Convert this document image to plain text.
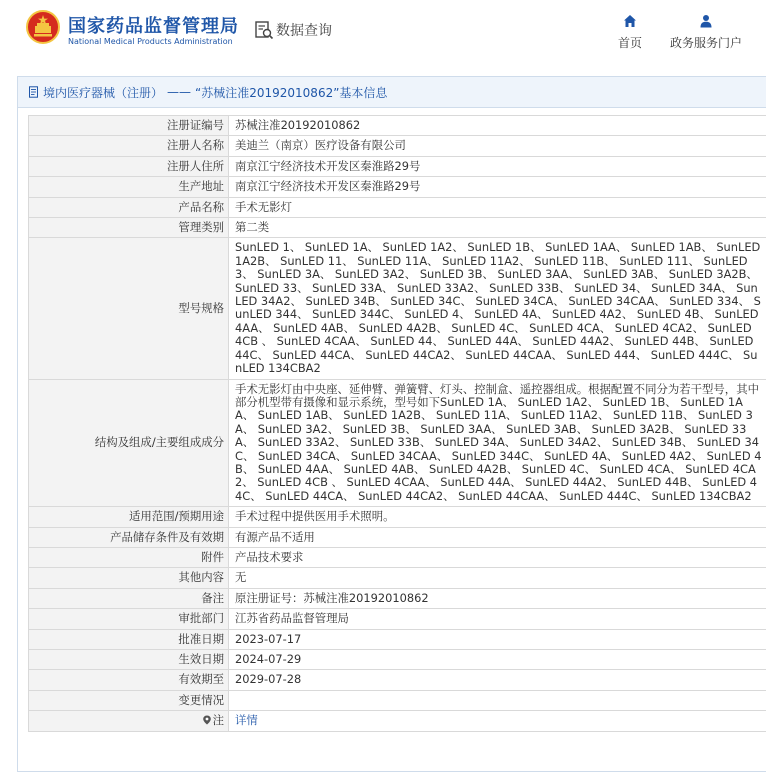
国家药品监督管理局
National Medical Products Administration
数据查询
首页 政务服务门户
境内医疗器械（注册） —— “苏械注准20192010862”基本信息
注册证编号	苏械注准20192010862
注册人名称	美迪兰（南京）医疗设备有限公司
注册人住所	南京江宁经济技术开发区秦淮路29号
生产地址	南京江宁经济技术开发区秦淮路29号
产品名称	手术无影灯
管理类别	第二类
型号规格	SunLED 1、 SunLED 1A、 SunLED 1A2、 SunLED 1B、 SunLED 1AA、 SunLED 1AB、 SunLED 1A2B、 SunLED 11、 SunLED 11A、 SunLED 11A2、 SunLED 11B、 SunLED 111、 SunLED 3、 SunLED 3A、 SunLED 3A2、 SunLED 3B、 SunLED 3AA、 SunLED 3AB、 SunLED 3A2B、 SunLED 33、 SunLED 33A、 SunLED 33A2、 SunLED 33B、 SunLED 34、 SunLED 34A、 SunLED 34A2、 SunLED 34B、 SunLED 34C、 SunLED 34CA、 SunLED 34CAA、 SunLED 334、 SunLED 344、 SunLED 344C、 SunLED 4、 SunLED 4A、 SunLED 4A2、 SunLED 4B、 SunLED 4AA、 SunLED 4AB、 SunLED 4A2B、 SunLED 4C、 SunLED 4CA、 SunLED 4CA2、 SunLED 4CB 、 SunLED 4CAA、 SunLED 44、 SunLED 44A、 SunLED 44A2、 SunLED 44B、 SunLED 44C、 SunLED 44CA、 SunLED 44CA2、 SunLED 44CAA、 SunLED 444、 SunLED 444C、 SunLED 134CBA2
结构及组成/主要组成成分	手术无影灯由中央座、延伸臂、弹簧臂、灯头、控制盒、遥控器组成。根据配置不同分为若干型号，其中部分机型带有摄像和显示系统，型号如下SunLED 1A、 SunLED 1A2、 SunLED 1B、 SunLED 1AA、 SunLED 1AB、 SunLED 1A2B、 SunLED 11A、 SunLED 11A2、 SunLED 11B、 SunLED 3A、 SunLED 3A2、 SunLED 3B、 SunLED 3AA、 SunLED 3AB、 SunLED 3A2B、 SunLED 33A、 SunLED 33A2、 SunLED 33B、 SunLED 34A、 SunLED 34A2、 SunLED 34B、 SunLED 34C、 SunLED 34CA、 SunLED 34CAA、 SunLED 344C、 SunLED 4A、 SunLED 4A2、 SunLED 4B、 SunLED 4AA、 SunLED 4AB、 SunLED 4A2B、 SunLED 4C、 SunLED 4CA、 SunLED 4CA2、 SunLED 4CB 、 SunLED 4CAA、 SunLED 44A、 SunLED 44A2、 SunLED 44B、 SunLED 44C、 SunLED 44CA、 SunLED 44CA2、 SunLED 44CAA、 SunLED 444C、 SunLED 134CBA2
适用范围/预期用途	手术过程中提供医用手术照明。
产品储存条件及有效期	有源产品不适用
附件	产品技术要求
其他内容	无
备注	原注册证号：苏械注准20192010862
审批部门	江苏省药品监督管理局
批准日期	2023-07-17
生效日期	2024-07-29
有效期至	2029-07-28
变更情况	
注	详情
